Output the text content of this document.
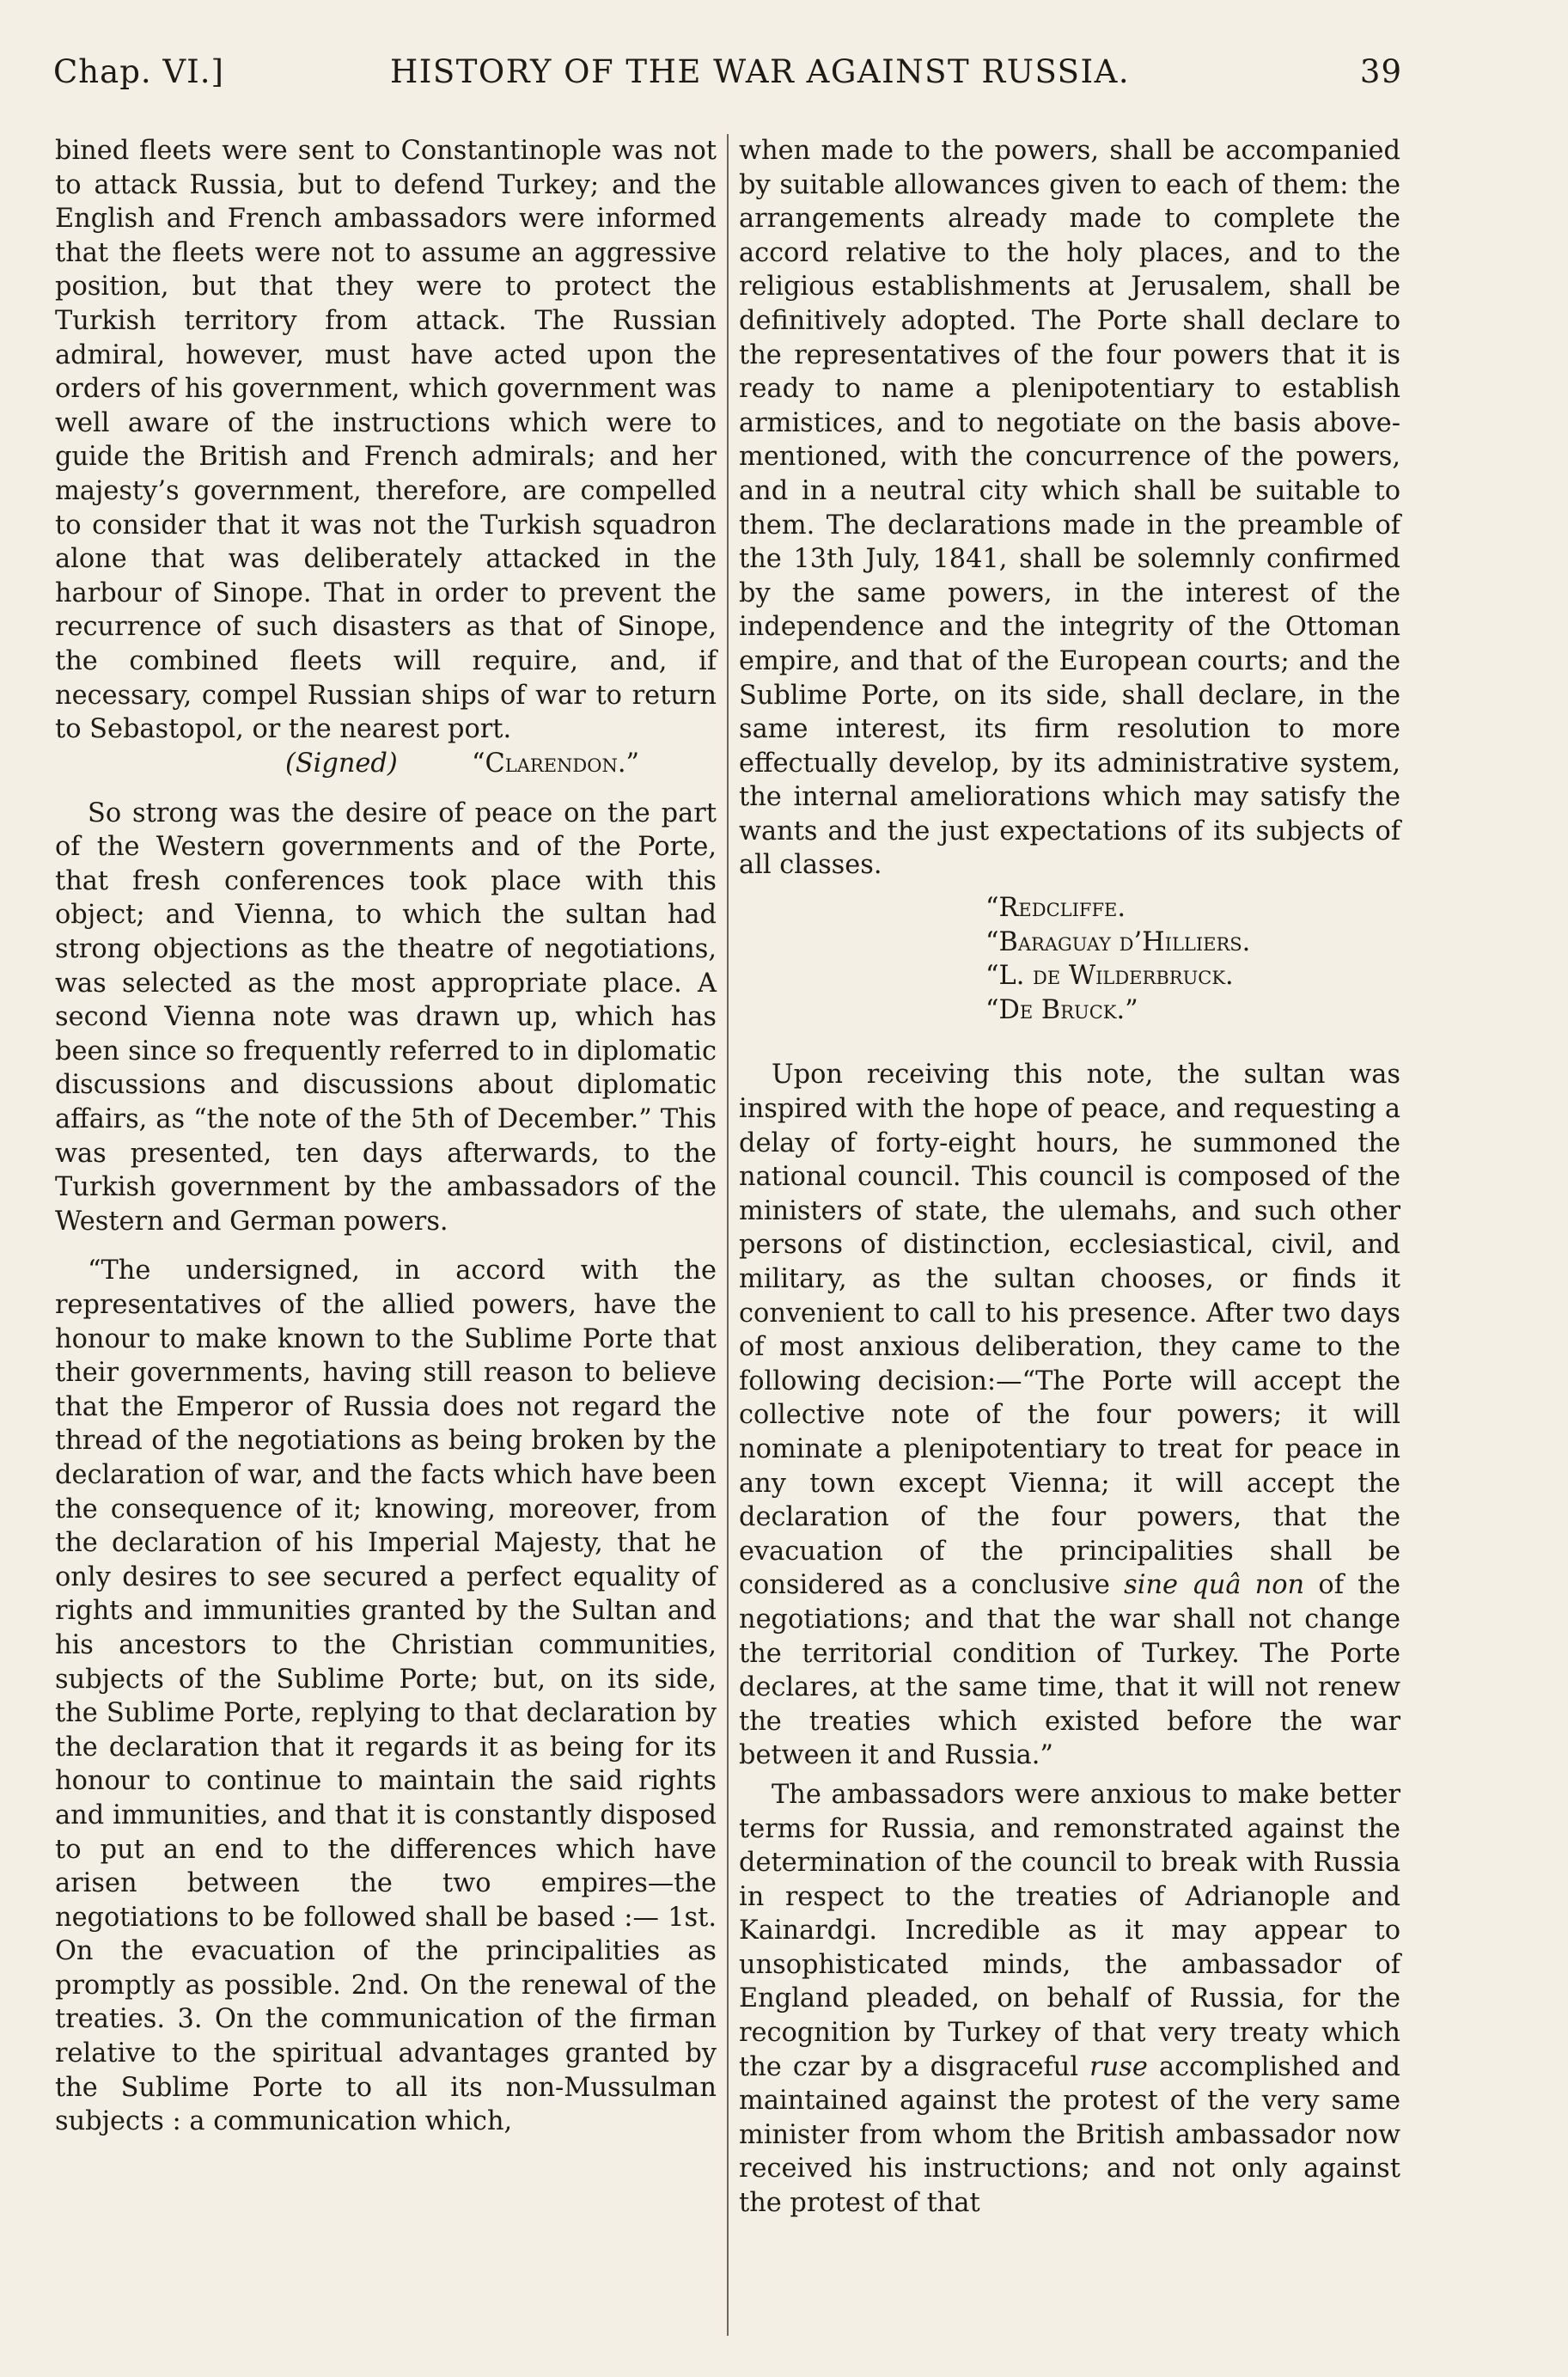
Chap. VI.]	HISTORY OF THE WAR AGAINST RUSSIA.	39

bined fleets were sent to Constantinople was not to attack Russia, but to defend Turkey; and the English and French ambassadors were informed that the fleets were not to assume an aggressive position, but that they were to protect the Turkish territory from attack. The Russian admiral, however, must have acted upon the orders of his government, which government was well aware of the instructions which were to guide the British and French admirals; and her majesty’s government, therefore, are compelled to consider that it was not the Turkish squadron alone that was deliberately attacked in the harbour of Sinope. That in order to prevent the recurrence of such disasters as that of Sinope, the combined fleets will require, and, if necessary, compel Russian ships of war to return to Sebastopol, or the nearest port.

(Signed)	“Clarendon.”

So strong was the desire of peace on the part of the Western governments and of the Porte, that fresh conferences took place with this object; and Vienna, to which the sultan had strong objections as the theatre of negotiations, was selected as the most appropriate place. A second Vienna note was drawn up, which has been since so frequently referred to in diplomatic discussions and discussions about diplomatic affairs, as “the note of the 5th of December.” This was presented, ten days afterwards, to the Turkish government by the ambassadors of the Western and German powers.

“The undersigned, in accord with the representatives of the allied powers, have the honour to make known to the Sublime Porte that their governments, having still reason to believe that the Emperor of Russia does not regard the thread of the negotiations as being broken by the declaration of war, and the facts which have been the consequence of it; knowing, moreover, from the declaration of his Imperial Majesty, that he only desires to see secured a perfect equality of rights and immunities granted by the Sultan and his ancestors to the Christian communities, subjects of the Sublime Porte; but, on its side, the Sublime Porte, replying to that declaration by the declaration that it regards it as being for its honour to continue to maintain the said rights and immunities, and that it is constantly disposed to put an end to the differences which have arisen between the two empires—the negotiations to be followed shall be based :— 1st. On the evacuation of the principalities as promptly as possible. 2nd. On the renewal of the treaties. 3. On the communication of the firman relative to the spiritual advantages granted by the Sublime Porte to all its non-Mussulman subjects : a communication which,

when made to the powers, shall be accompanied by suitable allowances given to each of them: the arrangements already made to complete the accord relative to the holy places, and to the religious establishments at Jerusalem, shall be definitively adopted. The Porte shall declare to the representatives of the four powers that it is ready to name a plenipotentiary to establish armistices, and to negotiate on the basis above-mentioned, with the concurrence of the powers, and in a neutral city which shall be suitable to them. The declarations made in the preamble of the 13th July, 1841, shall be solemnly confirmed by the same powers, in the interest of the independence and the integrity of the Ottoman empire, and that of the European courts; and the Sublime Porte, on its side, shall declare, in the same interest, its firm resolution to more effectually develop, by its administrative system, the internal ameliorations which may satisfy the wants and the just expectations of its subjects of all classes.

“Redcliffe.
“Baraguay d’Hilliers.
“L. de Wilderbruck.
“De Bruck.”

Upon receiving this note, the sultan was inspired with the hope of peace, and requesting a delay of forty-eight hours, he summoned the national council. This council is composed of the ministers of state, the ulemahs, and such other persons of distinction, ecclesiastical, civil, and military, as the sultan chooses, or finds it convenient to call to his presence. After two days of most anxious deliberation, they came to the following decision:—“The Porte will accept the collective note of the four powers; it will nominate a plenipotentiary to treat for peace in any town except Vienna; it will accept the declaration of the four powers, that the evacuation of the principalities shall be considered as a conclusive sine quâ non of the negotiations; and that the war shall not change the territorial condition of Turkey. The Porte declares, at the same time, that it will not renew the treaties which existed before the war between it and Russia.”

The ambassadors were anxious to make better terms for Russia, and remonstrated against the determination of the council to break with Russia in respect to the treaties of Adrianople and Kainardgi. Incredible as it may appear to unsophisticated minds, the ambassador of England pleaded, on behalf of Russia, for the recognition by Turkey of that very treaty which the czar by a disgraceful ruse accomplished and maintained against the protest of the very same minister from whom the British ambassador now received his instructions; and not only against the protest of that
